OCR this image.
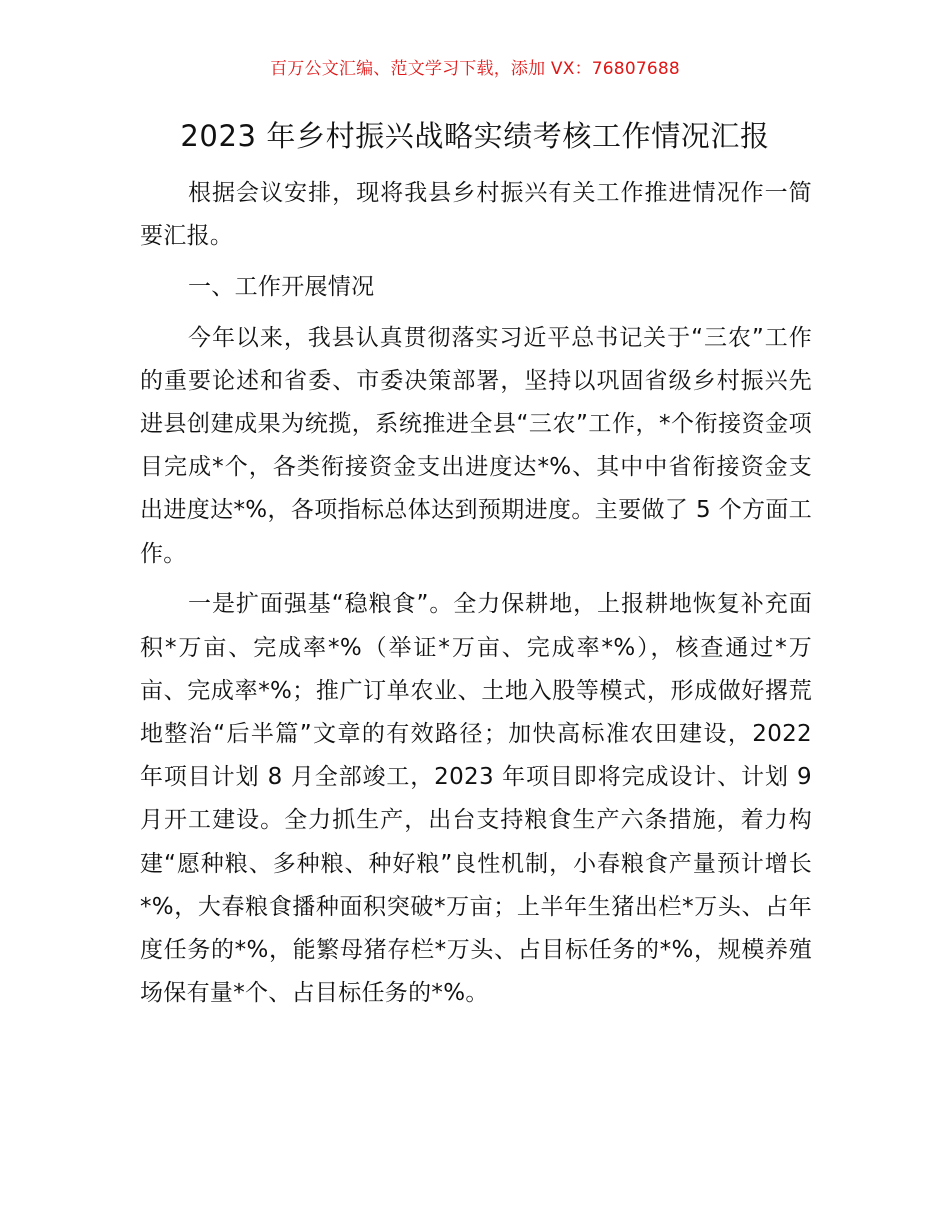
百万公文汇编、范文学习下载，添加 VX：76807688
2023 年乡村振兴战略实绩考核工作情况汇报

根据会议安排，现将我县乡村振兴有关工作推进情况作一简要汇报。

一、工作开展情况

今年以来，我县认真贯彻落实习近平总书记关于“三农”工作的重要论述和省委、市委决策部署，坚持以巩固省级乡村振兴先进县创建成果为统揽，系统推进全县“三农”工作，*个衔接资金项目完成*个，各类衔接资金支出进度达*%、其中中省衔接资金支出进度达*%，各项指标总体达到预期进度。主要做了 5 个方面工作。

一是扩面强基“稳粮食”。全力保耕地，上报耕地恢复补充面积*万亩、完成率*%（举证*万亩、完成率*%），核查通过*万亩、完成率*%；推广订单农业、土地入股等模式，形成做好撂荒地整治“后半篇”文章的有效路径；加快高标准农田建设，2022 年项目计划 8 月全部竣工，2023 年项目即将完成设计、计划 9 月开工建设。全力抓生产，出台支持粮食生产六条措施，着力构建“愿种粮、多种粮、种好粮”良性机制，小春粮食产量预计增长*%，大春粮食播种面积突破*万亩；上半年生猪出栏*万头、占年度任务的*%，能繁母猪存栏*万头、占目标任务的*%，规模养殖场保有量*个、占目标任务的*%。
